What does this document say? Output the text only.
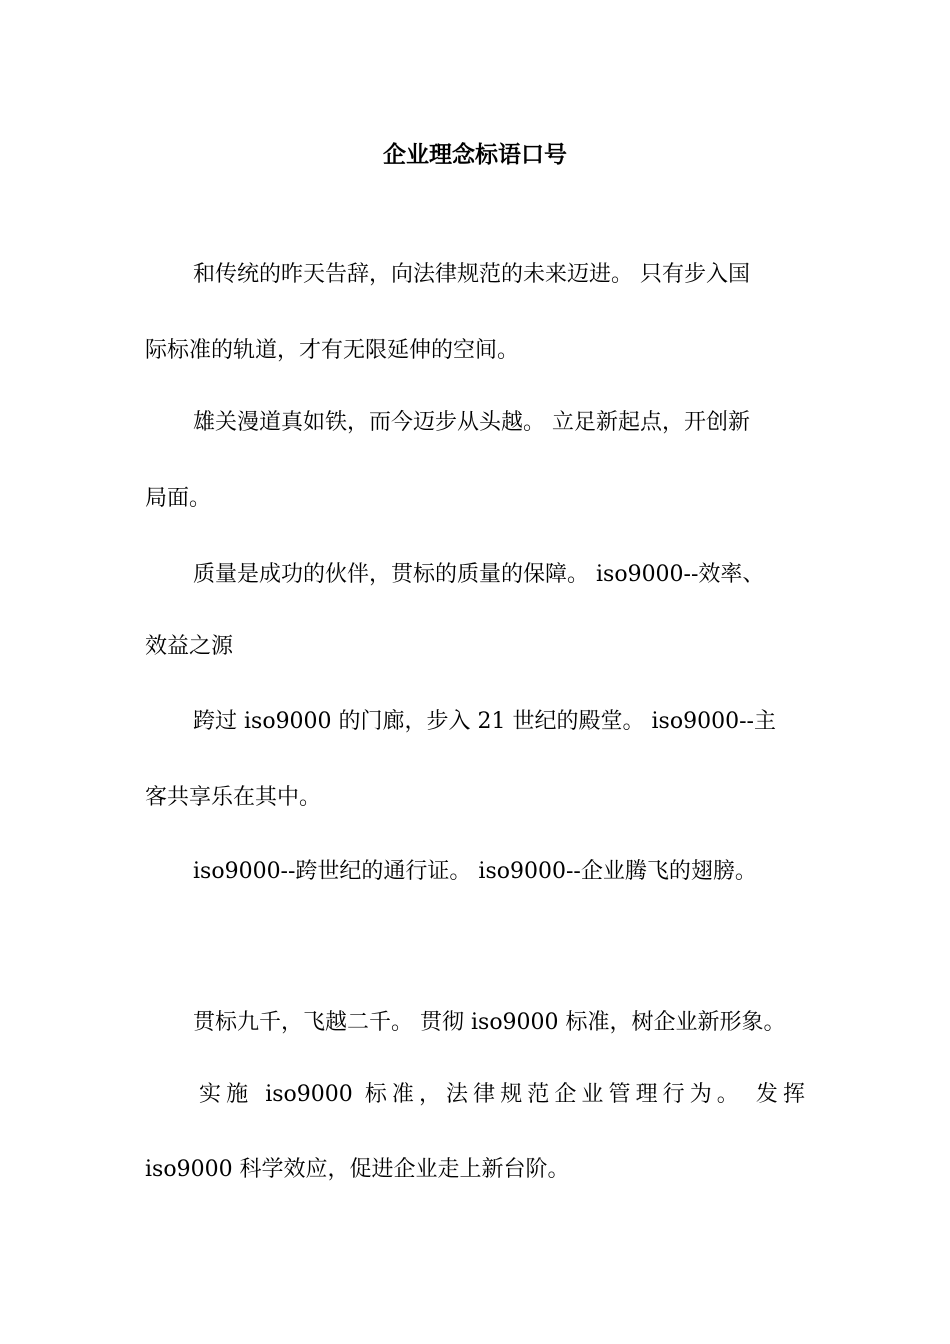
企业理念标语口号
和传统的昨天告辞，向法律规范的未来迈进。 只有步入国
际标准的轨道，才有无限延伸的空间。
雄关漫道真如铁，而今迈步从头越。 立足新起点，开创新
局面。
质量是成功的伙伴，贯标的质量的保障。 iso9000--效率、
效益之源
跨过 iso9000 的门廊，步入 21 世纪的殿堂。 iso9000--主
客共享乐在其中。
iso9000--跨世纪的通行证。 iso9000--企业腾飞的翅膀。
贯标九千，飞越二千。 贯彻 iso9000 标准，树企业新形象。
实施 iso9000 标准，法律规范企业管理行为。 发挥
iso9000 科学效应，促进企业走上新台阶。
